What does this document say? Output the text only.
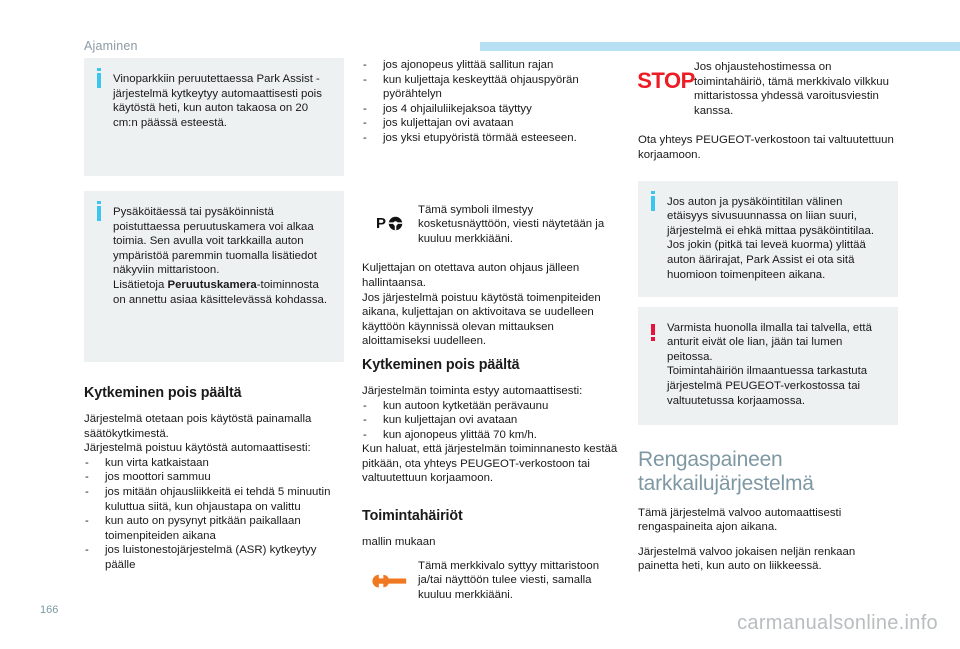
Ajaminen
Vinoparkkiin peruutettaessa Park Assist -järjestelmä kytkeytyy automaattisesti pois käytöstä heti, kun auton takaosa on 20 cm:n päässä esteestä.
Pysäköitäessä tai pysäköinnistä poistuttaessa peruutuskamera voi alkaa toimia. Sen avulla voit tarkkailla auton ympäristöä paremmin tuomalla lisätiedot näkyviin mittaristoon.
Lisätietoja Peruutuskamera-toiminnosta on annettu asiaa käsittelevässä kohdassa.
Kytkeminen pois päältä

Järjestelmä otetaan pois käytöstä painamalla säätökytkimestä.

Järjestelmä poistuu käytöstä automaattisesti:

- kun virta katkaistaan
- jos moottori sammuu
- jos mitään ohjausliikkeitä ei tehdä 5 minuutin kuluttua siitä, kun ohjaustapa on valittu
- kun auto on pysynyt pitkään paikallaan toimenpiteiden aikana
- jos luistonestojärjestelmä (ASR) kytkeytyy päälle
- jos ajonopeus ylittää sallitun rajan
- kun kuljettaja keskeyttää ohjauspyörän pyörähtelyn
- jos 4 ohjailuliikejaksoa täyttyy
- jos kuljettajan ovi avataan
- jos yksi etupyöristä törmää esteeseen.
P
Tämä symboli ilmestyy kosketusnäyttöön, viesti näytetään ja kuuluu merkkiääni.

Kuljettajan on otettava auton ohjaus jälleen hallintaansa.

Jos järjestelmä poistuu käytöstä toimenpiteiden aikana, kuljettajan on aktivoitava se uudelleen käyttöön käynnissä olevan mittauksen aloittamiseksi uudelleen.

Kytkeminen pois päältä

Järjestelmän toiminta estyy automaattisesti:

- kun autoon kytketään perävaunu
- kun kuljettajan ovi avataan
- kun ajonopeus ylittää 70 km/h.

Kun haluat, että järjestelmän toiminnanesto kestää pitkään, ota yhteys PEUGEOT-verkostoon tai valtuutettuun korjaamoon.

Toimintahäiriöt

mallin mukaan

Tämä merkkivalo syttyy mittaristoon ja/tai näyttöön tulee viesti, samalla kuuluu merkkiääni.
STOP
Jos ohjaustehostimessa on toimintahäiriö, tämä merkkivalo vilkkuu mittaristossa yhdessä varoitusviestin kanssa.

Ota yhteys PEUGEOT-verkostoon tai valtuutettuun korjaamoon.

Jos auton ja pysäköintitilan välinen etäisyys sivusuunnassa on liian suuri, järjestelmä ei ehkä mittaa pysäköintitilaa. Jos jokin (pitkä tai leveä kuorma) ylittää auton äärirajat, Park Assist ei ota sitä huomioon toimenpiteen aikana.
Varmista huonolla ilmalla tai talvella, että anturit eivät ole lian, jään tai lumen peitossa.
Toimintahäiriön ilmaantuessa tarkastuta järjestelmä PEUGEOT-verkostossa tai valtuutetussa korjaamossa.
Rengaspaineen tarkkailujärjestelmä

Tämä järjestelmä valvoo automaattisesti rengaspaineita ajon aikana.

Järjestelmä valvoo jokaisen neljän renkaan painetta heti, kun auto on liikkeessä.

166
carmanualsonline.info
